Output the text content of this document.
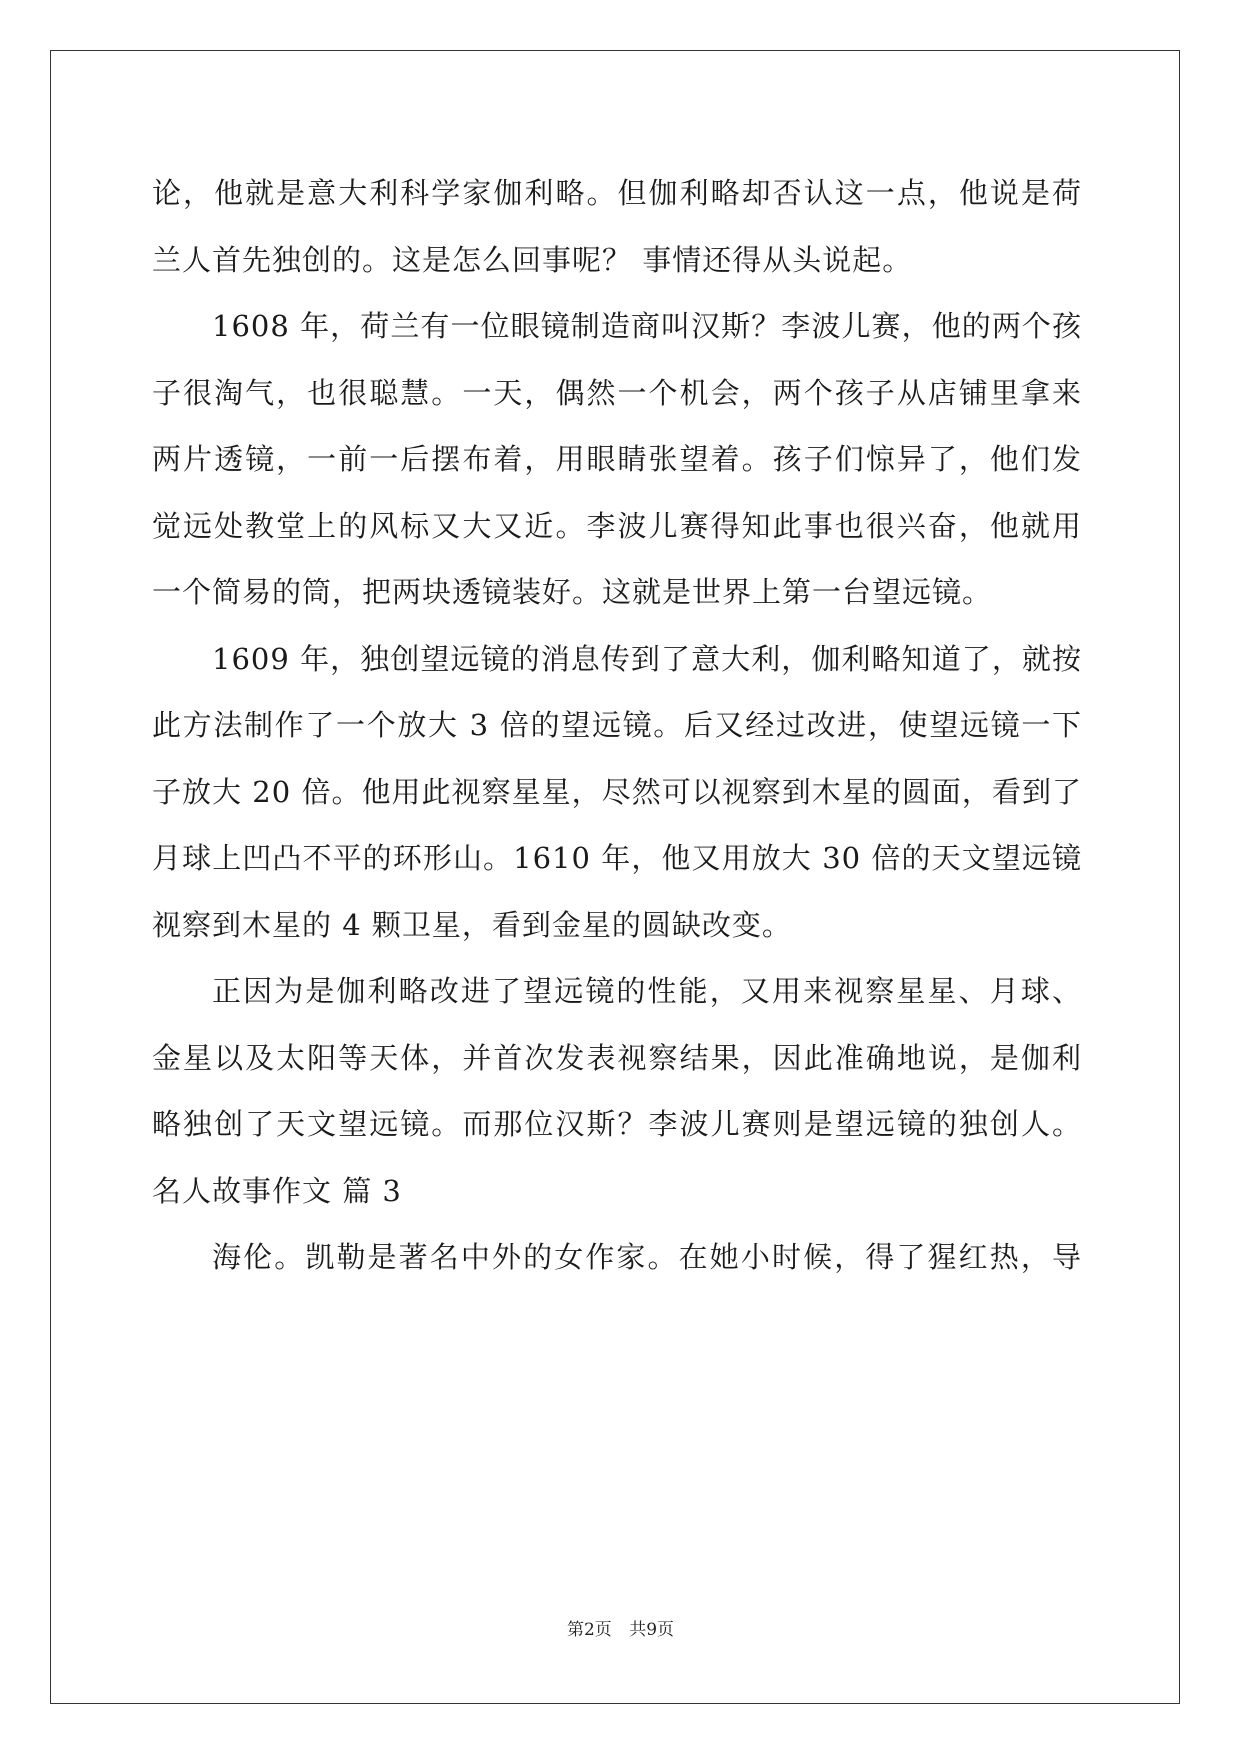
论，他就是意大利科学家伽利略。但伽利略却否认这一点，他说是荷
兰人首先独创的。这是怎么回事呢？ 事情还得从头说起。
1608 年，荷兰有一位眼镜制造商叫汉斯？李波儿赛，他的两个孩
子很淘气，也很聪慧。一天，偶然一个机会，两个孩子从店铺里拿来
两片透镜，一前一后摆布着，用眼睛张望着。孩子们惊异了，他们发
觉远处教堂上的风标又大又近。李波儿赛得知此事也很兴奋，他就用
一个简易的筒，把两块透镜装好。这就是世界上第一台望远镜。
1609 年，独创望远镜的消息传到了意大利，伽利略知道了，就按
此方法制作了一个放大 3 倍的望远镜。后又经过改进，使望远镜一下
子放大 20 倍。他用此视察星星，尽然可以视察到木星的圆面，看到了
月球上凹凸不平的环形山。1610 年，他又用放大 30 倍的天文望远镜
视察到木星的 4 颗卫星，看到金星的圆缺改变。
正因为是伽利略改进了望远镜的性能，又用来视察星星、月球、
金星以及太阳等天体，并首次发表视察结果，因此准确地说，是伽利
略独创了天文望远镜。而那位汉斯？李波儿赛则是望远镜的独创人。
名人故事作文 篇 3
海伦。凯勒是著名中外的女作家。在她小时候，得了猩红热，导
第2页 共9页
